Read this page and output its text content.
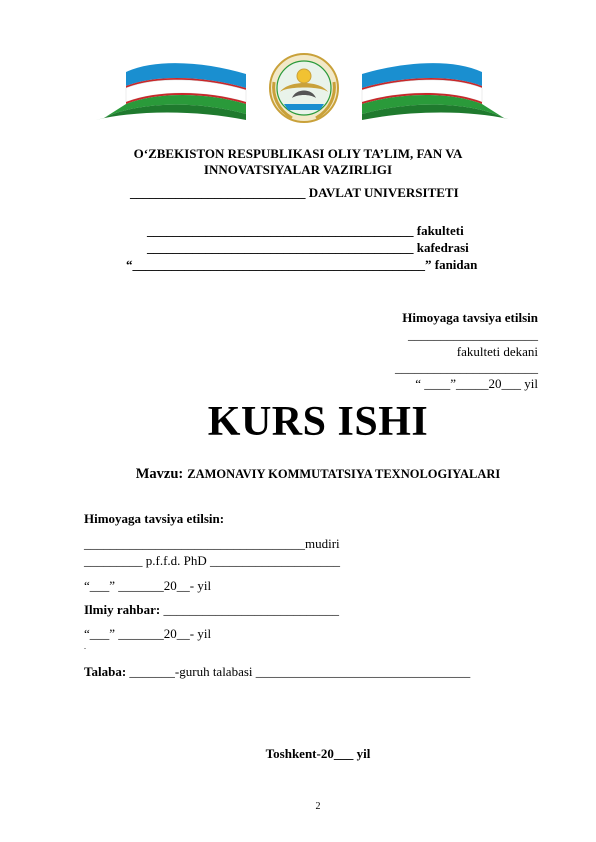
O‘ZBEKISTON RESPUBLIKASI OLIY TA’LIM, FAN VA
INNOVATSIYALAR VAZIRLIGI
___________________________ DAVLAT UNIVERSITETI
_________________________________________ fakulteti
_________________________________________ kafedrasi
“_____________________________________________” fanidan
Himoyaga tavsiya etilsin
____________________
fakulteti dekani
______________________
“ ____”_____20___ yil
KURS ISHI
Mavzu: ZAMONAVIY KOMMUTATSIYA TEXNOLOGIYALARI
Himoyaga tavsiya etilsin:
__________________________________mudiri
_________ p.f.f.d. PhD ____________________
“___” _______20__- yil
Ilmiy rahbar: ___________________________
“___” _______20__- yil
.
Talaba: _______-guruh talabasi _________________________________
Toshkent-20___ yil
2
